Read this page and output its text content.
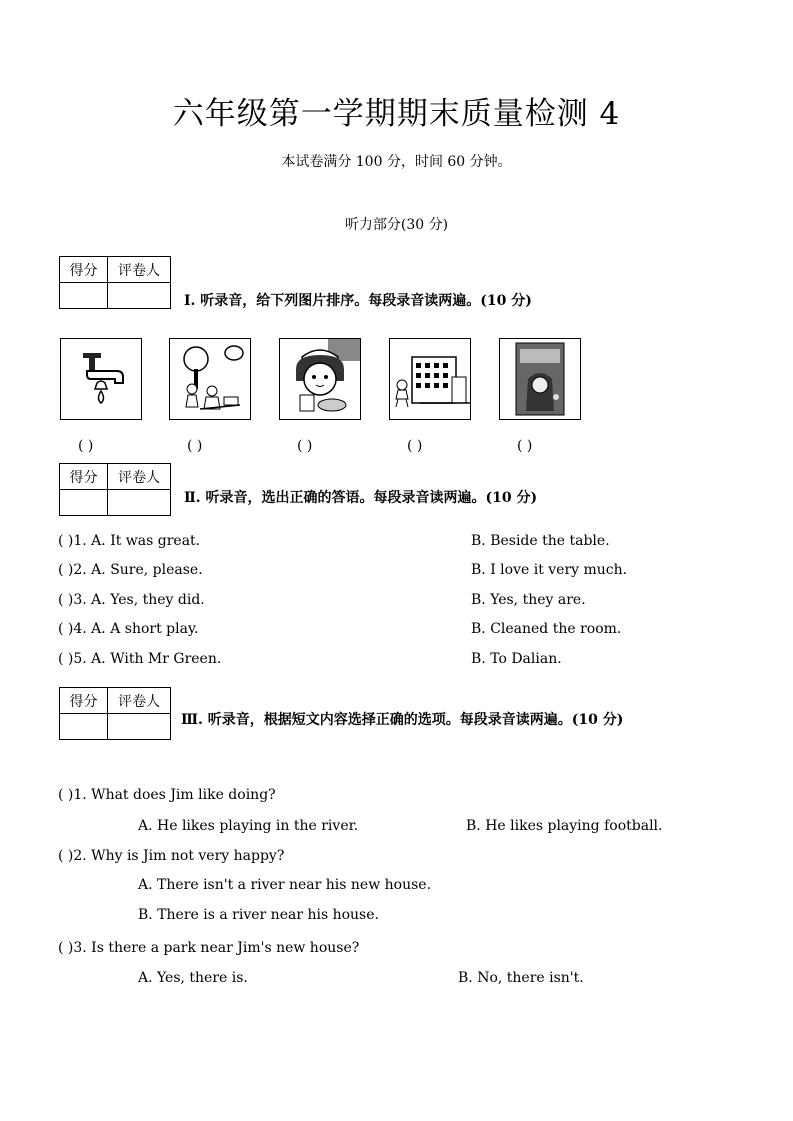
六年级第一学期期末质量检测 4
本试卷满分 100 分，时间 60 分钟。
听力部分(30 分)
得分	评卷人

Ⅰ. 听录音，给下列图片排序。每段录音读两遍。(10 分)
( )	( )	( )	( )	( )
得分	评卷人

Ⅱ. 听录音，选出正确的答语。每段录音读两遍。(10 分)
( )1. A. It was great.	B. Beside the table.
( )2. A. Sure, please.	B. I love it very much.
( )3. A. Yes, they did.	B. Yes, they are.
( )4. A. A short play.	B. Cleaned the room.
( )5. A. With Mr Green.	B. To Dalian.
得分	评卷人

Ⅲ. 听录音，根据短文内容选择正确的选项。每段录音读两遍。(10 分)
( )1. What does Jim like doing?
A. He likes playing in the river.	B. He likes playing football.
( )2. Why is Jim not very happy?
A. There isn't a river near his new house.
B. There is a river near his house.
( )3. Is there a park near Jim's new house?
A. Yes, there is.	B. No, there isn't.
